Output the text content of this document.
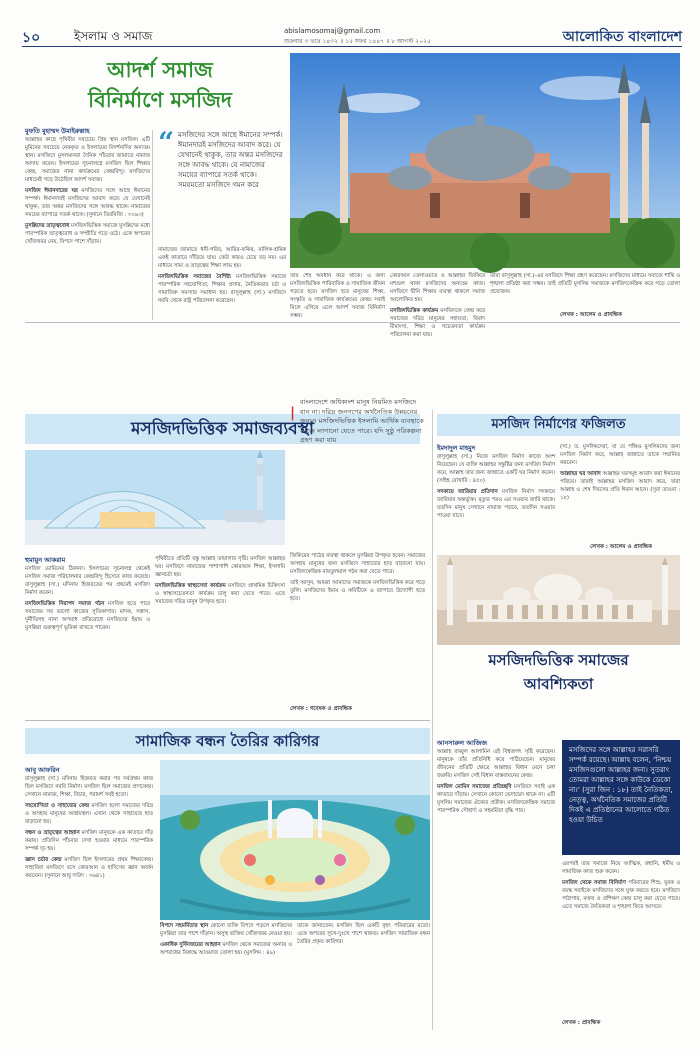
১০	ইসলাম ও সমাজ	abislamosomaj@gmail.com
শুক্রবার ৩ ভাদ্র ১৪৩২ ॥ ১৫ সফর ১৪৪৭ ॥ ৮ আগস্ট ২০২৫	আলোকিত বাংলাদেশ
আদর্শ সমাজ
বিনির্মাণে মসজিদ
মুফতি মুহাম্মদ উমাইরুল্লাহ

আল্লাহর কাছে পৃথিবীর সবচেয়ে প্রিয় স্থান মসজিদ। এটি মুমিনের সবচেয়ে নেককৃত ও ইসলামের নিদর্শনাদির অন্যতম স্থান। মসজিদে মুসলমানরা দৈনিক পাঁচবার জামাতে নামাজ আদায় করেন। ইসলামের সূচনালগ্নে মসজিদ ছিল শিক্ষার কেন্দ্র, সমাজের নানা কার্যক্রমের কেন্দ্রবিন্দু। মসজিদের মাধ্যমেই গড়ে উঠেছিল আদর্শ সমাজ।

মসজিদ ঈমানদারের ঘর মসজিদের সঙ্গে আছে ঈমানের সম্পর্ক। ঈমানদারই মসজিদের আবাদ করে। যে যেখানেই থাকুক, তার অন্তর মসজিদের সঙ্গে আবদ্ধ থাকে। নামাজের সময়ের ব্যাপারে সতর্ক থাকে। (সুনানে তিরমিজি : ৩০৯৩)

মুসল্লিদের ভ্রাতৃত্ববোধ মসজিদভিত্তিক সমাজে মুসল্লিদের মধ্যে পারস্পরিক ভ্রাতৃত্ববোধ ও সম্প্রীতি গড়ে ওঠে। একে অপরের খোঁজখবর নেয়, বিপদে পাশে দাঁড়ায়।

“ মসজিদের সঙ্গে আছে ঈমানের সম্পর্ক। ঈমানদারই মসজিদের আবাদ করে। যে যেখানেই থাকুক, তার অন্তর মসজিদের সঙ্গে আবদ্ধ থাকে। যে নামাজের সময়ের ব্যাপারে সতর্ক থাকে। সময়মতো মসজিদে গমন করে

নামাজের জামাতে ধনী-গরিব, আমির-ফকির, মালিক-শ্রমিক একই কাতারে দাঁড়িয়ে যায়। কেউ কারও চেয়ে বড় নয়। এর মাধ্যমে সাম্য ও ভ্রাতৃত্বের শিক্ষা লাভ হয়।

মসজিদভিত্তিক সমাজের বৈশিষ্ট্য মসজিদভিত্তিক সমাজে পারস্পরিক সহযোগিতা, শিক্ষার প্রসার, নৈতিকতার চর্চা ও সামাজিক সমস্যার সমাধান হয়। রাসুলুল্লাহ (সা.) মসজিদে নববি থেকে রাষ্ট্র পরিচালনা করেছেন।

তার শেষ অবধান করে থাকে। এ জন্য মসজিদভিত্তিক পারিবারিক ও সামাজিক জীবন গড়তে হবে। মসজিদ হবে মানুষের শিক্ষা, সংস্কৃতি ও সামাজিক কার্যক্রমের কেন্দ্র। সবাই মিলে এগিয়ে এলে আদর্শ সমাজ বিনির্মাণ সম্ভব।

কোরআন তেলাওয়াত ও আল্লাহর জিকিরে মশগুল থাকা মসজিদের অন্যতম কাজ। মসজিদে দ্বীনি শিক্ষার ব্যবস্থা থাকলে সমাজ আলোকিত হয়।

মসজিদভিত্তিক কার্যক্রম মসজিদকে কেন্দ্র করে সমাজের দরিদ্র মানুষের সহায়তা, বিবাদ মীমাংসা, শিক্ষা ও সচেতনতা কার্যক্রম পরিচালনা করা যায়।

তারা রাসুলুল্লাহ (সা.)-এর মসজিদে শিক্ষা গ্রহণ করেছেন। মসজিদের মাধ্যমে সমাজে শান্তি ও শৃঙ্খলা প্রতিষ্ঠা করা সম্ভব। তাই প্রতিটি মুসলিম সমাজকে মসজিদকেন্দ্রিক করে গড়ে তোলা প্রয়োজন।
লেখক : আলেম ও প্রাবন্ধিক
মসজিদভিত্তিক সমাজব্যবস্থা	মসজিদ নির্মাণের ফজিলত
|
বাংলাদেশে অধিকাংশ মানুষ নিয়মিত মসজিদে যান না। দরিদ্র জনগণের অর্থনৈতিক উন্নয়নের জন্যও মসজিদভিত্তিক ইসলামি আর্থিক ব্যবস্থাকে কাজে লাগানো যেতে পারে। যদি সুষ্ঠু পরিকল্পনা গ্রহণ করা যায়
হুমায়ুন আকরাম

মসজিদ মোমিনের ঠিকানা। ইসলামের সূচনালগ্ন থেকেই মসজিদ সমাজ পরিচালনার কেন্দ্রবিন্দু হিসেবে কাজ করেছে। রাসুলুল্লাহ (সা.) মদিনায় হিজরতের পর প্রথমেই মসজিদ নির্মাণ করেন।

মসজিদভিত্তিক নিরাপদ সমাজ গঠন মসজিদ হতে পারে সমাজের সব ভালো কাজের সূতিকাগার। মাদক, সন্ত্রাস, দুর্নীতিসহ নানা অপরাধ প্রতিরোধে মসজিদের ইমাম ও মুসল্লিরা গুরুত্বপূর্ণ ভূমিকা রাখতে পারেন।

পৃথিবীতে প্রতিটি বস্তু আল্লাহ তায়ালার সৃষ্টি। মসজিদ আল্লাহর ঘর। মসজিদে নামাজের পাশাপাশি কোরআন শিক্ষা, ইসলামি জ্ঞানচর্চা হয়।

মসজিদভিত্তিক স্বাস্থ্যসেবা কার্যক্রম মসজিদে প্রাথমিক চিকিৎসা ও স্বাস্থ্যসচেতনতা কার্যক্রম চালু করা যেতে পারে। এতে সমাজের দরিদ্র মানুষ উপকৃত হবে।

জিকিরের পাঠের ব্যবস্থা থাকলে মুসল্লিরা উপকৃত হবেন। সমাজের অসহায় মানুষের জন্য মসজিদে সাহায্যের হাত বাড়ানো যায়। মসজিদকেন্দ্রিক বায়তুলমাল গঠন করা যেতে পারে।

তাই আসুন, আমরা আমাদের সমাজকে মসজিদভিত্তিক করে গড়ে তুলি। মসজিদের ইমাম ও কমিটিকে এ ব্যাপারে উদ্যোগী হতে হবে।

লেখক : গবেষক ও প্রাবন্ধিক
ইমদাদুল মাহমুদ

রাসুলুল্লাহ (সা.) নিজে মসজিদ নির্মাণ কাজে অংশ নিয়েছেন। যে ব্যক্তি আল্লাহর সন্তুষ্টির জন্য মসজিদ নির্মাণ করে, আল্লাহ তার জন্য জান্নাতে একটি ঘর নির্মাণ করেন। (সহিহ বোখারি : ৪৫০)

সদকায়ে জারিয়ার প্রতিদান মসজিদ নির্মাণ সদকায়ে জারিয়ার অন্তর্ভুক্ত। মৃত্যুর পরও এর সওয়াব জারি থাকে। যতদিন মানুষ সেখানে নামাজ পড়বে, ততদিন সওয়াব পাওয়া যাবে।

(সা.) ত. মুসলিমদেরা, যা যে পক্ষিও মুসলিমদের জন্য মসজিদ নির্মাণ করে, আল্লাহ জান্নাতে তাকে সম্মানিত করবেন।

আল্লাহর ঘর আবাদ আল্লাহর ঘরসমূহ আবাদ করা ঈমানের পরিচয়। তারাই আল্লাহর মসজিদ আবাদ করে, যারা আল্লাহ ও শেষ দিবসের প্রতি ঈমান আনে। (সুরা তাওবা : ১৮)

লেখক : আলেম ও প্রাবন্ধিক
মসজিদভিত্তিক সমাজের
আবশ্যিকতা
সামাজিক বন্ধন তৈরির কারিগর
আবু আফরিন

রাসুলুল্লাহ (সা.) মদিনায় হিজরত করার পর সর্বপ্রথম কাজ ছিল মসজিদে নববি নির্মাণ। মসজিদ ছিল সমাজের প্রাণকেন্দ্র। সেখানে নামাজ, শিক্ষা, বিচার, পরামর্শ সবই হতো।

সহযোগিতা ও সাহায্যের কেন্দ্র মসজিদ হলো সমাজের দরিদ্র ও অসহায় মানুষের আশ্রয়স্থল। এখান থেকে সাহায্যের হাত বাড়ানো হয়।

বন্ধন ও ভ্রাতৃত্বের আহ্বান মসজিদ মানুষকে এক কাতারে দাঁড় করায়। প্রতিদিন পাঁচবার দেখা হওয়ার মাধ্যমে পারস্পরিক সম্পর্ক দৃঢ় হয়।

জ্ঞান চর্চার কেন্দ্র মসজিদ ছিল ইসলামের প্রথম শিক্ষাকেন্দ্র। সাহাবিরা মসজিদে বসে কোরআন ও হাদিসের জ্ঞান অর্জন করতেন। (সুনানে আবু দাউদ : ৩৬৪১)

বিপদে সহমর্মিতার স্থান কোনো ব্যক্তি বিপদে পড়লে মসজিদের মুসল্লিরা তার পাশে দাঁড়ান। অসুস্থ ব্যক্তির খোঁজখবর নেওয়া হয়।

একাধিক দুর্বিনজয়ের আহ্বান মসজিদ থেকে সমাজের অন্যায় ও অপরাধের বিরুদ্ধে আওয়াজ তোলা হয়। (মুসলিম : ৪৯)

তাকে জানাতেন। মসজিদ ছিল একটি বৃহৎ পরিবারের মতো। একে অপরের সুখে-দুঃখে পাশে থাকত। মসজিদ সামাজিক বন্ধন তৈরির প্রকৃত কারিগর।
আনসারুল আজিজ

আল্লাহ রাব্বুল আলামিন এই বিশ্বজগৎ সৃষ্টি করেছেন। মানুষকে তাঁর প্রতিনিধি করে পাঠিয়েছেন। মানুষের জীবনের প্রতিটি ক্ষেত্রে আল্লাহর বিধান মেনে চলা জরুরি। মসজিদ সেই বিধান বাস্তবায়নের কেন্দ্র।

মসজিদ মোমিন সমাজের প্রতিচ্ছবি মসজিদে সবাই এক কাতারে দাঁড়ায়। সেখানে কোনো ভেদাভেদ থাকে না। এটি মুসলিম সমাজের ঐক্যের প্রতীক। মসজিদকেন্দ্রিক সমাজে পারস্পরিক সৌহার্দ্য ও সহমর্মিতা বৃদ্ধি পায়।

মসজিদের সঙ্গে আল্লাহর সরাসরি সম্পর্ক রয়েছে। আল্লাহ বলেন, ‘নিশ্চয় মসজিদগুলো আল্লাহর জন্য। সুতরাং তোমরা আল্লাহর সঙ্গে কাউকে ডেকো না।’ (সুরা জিন : ১৮) তাই নৈতিকতা, নেতৃত্ব, অর্থনৈতিক সমাজের প্রতিটি দিকই এ প্রতিষ্ঠানের আলোতে গঠিত হওয়া উচিত

এরপরই তার সমাজে নিয়ে আত্মিক, রুহানি, ধর্মীয় ও সামাজিক কাজ শুরু করেন।

মসজিদ থেকে সমাজ বিনির্মাণ পরিবারের শিশু, যুবক ও বয়স্ক সবাইকে মসজিদের সঙ্গে যুক্ত করতে হবে। মসজিদে পাঠাগার, মক্তব ও প্রশিক্ষণ কেন্দ্র চালু করা যেতে পারে। এতে সমাজে নৈতিকতা ও শৃঙ্খলা ফিরে আসবে।

লেখক : প্রাবন্ধিক
